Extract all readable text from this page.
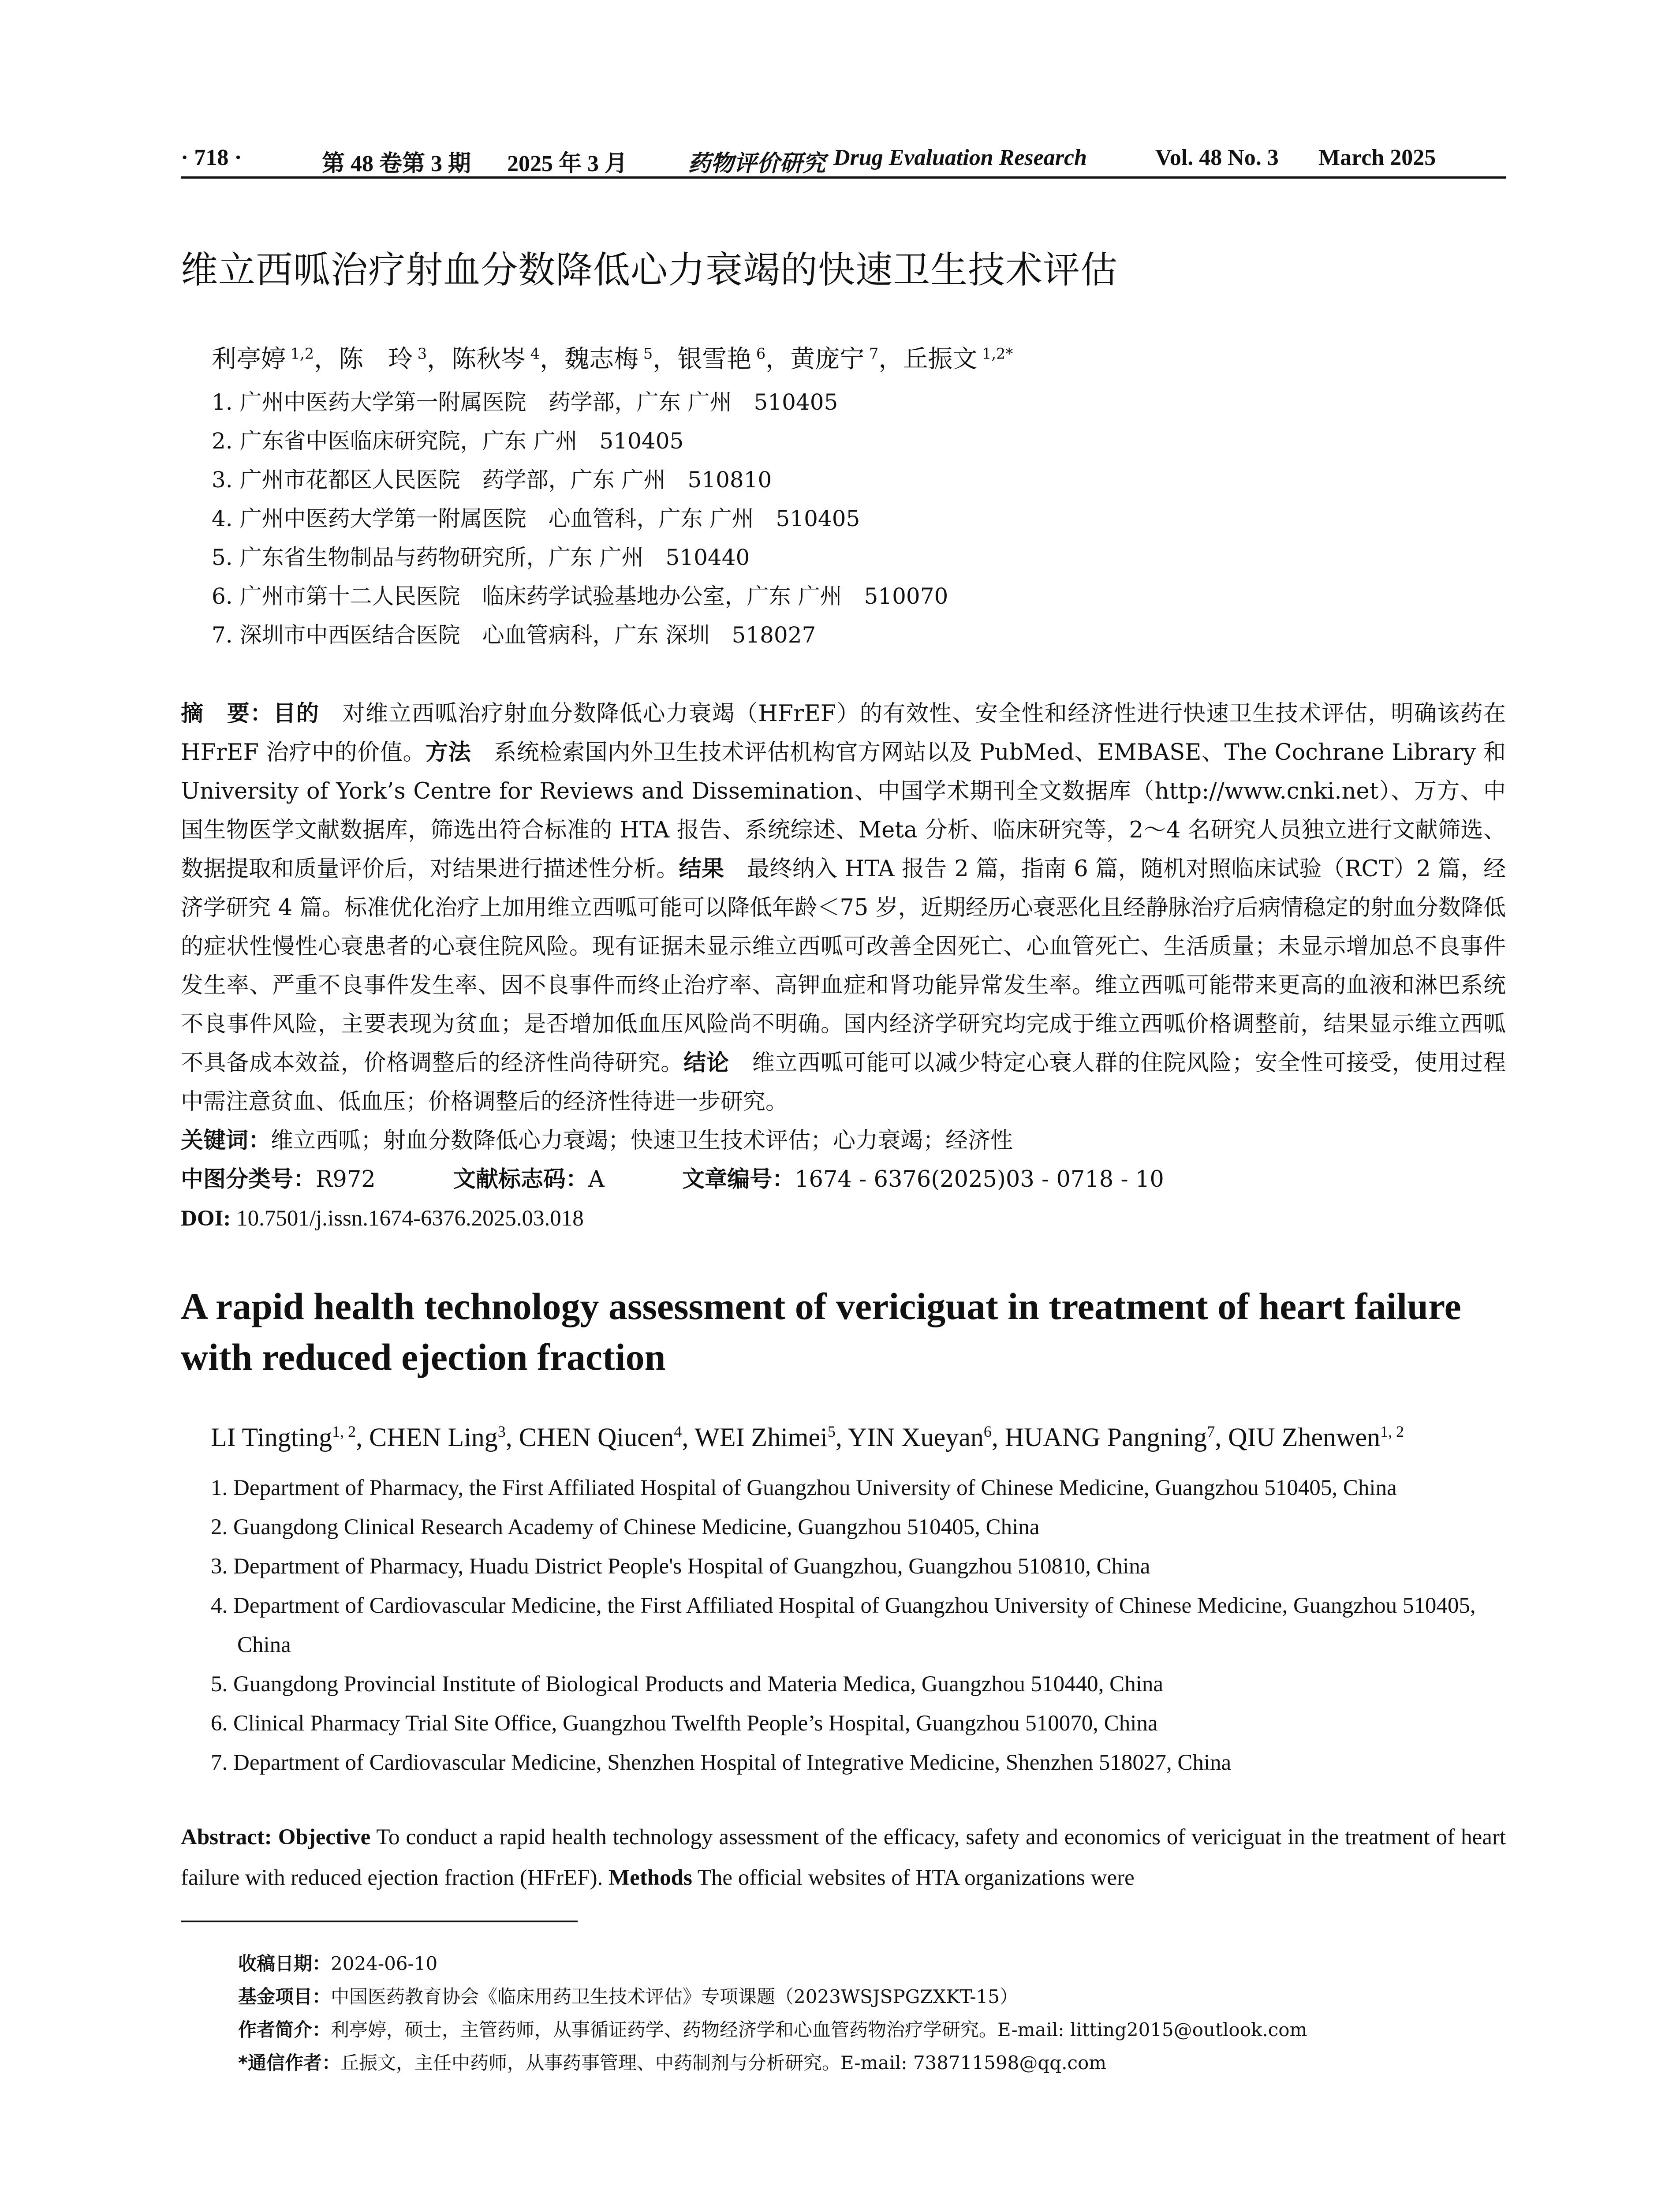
· 718 ·	第 48 卷第 3 期 2025 年 3 月	药物评价研究 Drug Evaluation Research	Vol. 48 No. 3 March 2025
维立西呱治疗射血分数降低心力衰竭的快速卫生技术评估
利亭婷 $^{1,2}$，陈　玲 $^3$，陈秋岑 $^4$，魏志梅 $^5$，银雪艳 $^6$，黄庞宁 $^7$，丘振文 $^{1,2*}$
1. 广州中医药大学第一附属医院　药学部，广东 广州　510405
2. 广东省中医临床研究院，广东 广州　510405
3. 广州市花都区人民医院　药学部，广东 广州　510810
4. 广州中医药大学第一附属医院　心血管科，广东 广州　510405
5. 广东省生物制品与药物研究所，广东 广州　510440
6. 广州市第十二人民医院　临床药学试验基地办公室，广东 广州　510070
7. 深圳市中西医结合医院　心血管病科，广东 深圳　518027
摘　要：目的　对维立西呱治疗射血分数降低心力衰竭（HFrEF）的有效性、安全性和经济性进行快速卫生技术评估，明确该药在 HFrEF 治疗中的价值。方法　系统检索国内外卫生技术评估机构官方网站以及 PubMed、EMBASE、The Cochrane Library 和 University of York’s Centre for Reviews and Dissemination、中国学术期刊全文数据库（http://www.cnki.net）、万方、中国生物医学文献数据库，筛选出符合标准的 HTA 报告、系统综述、Meta 分析、临床研究等，2～4 名研究人员独立进行文献筛选、数据提取和质量评价后，对结果进行描述性分析。结果　最终纳入 HTA 报告 2 篇，指南 6 篇，随机对照临床试验（RCT）2 篇，经济学研究 4 篇。标准优化治疗上加用维立西呱可能可以降低年龄＜75 岁，近期经历心衰恶化且经静脉治疗后病情稳定的射血分数降低的症状性慢性心衰患者的心衰住院风险。现有证据未显示维立西呱可改善全因死亡、心血管死亡、生活质量；未显示增加总不良事件发生率、严重不良事件发生率、因不良事件而终止治疗率、高钾血症和肾功能异常发生率。维立西呱可能带来更高的血液和淋巴系统不良事件风险，主要表现为贫血；是否增加低血压风险尚不明确。国内经济学研究均完成于维立西呱价格调整前，结果显示维立西呱不具备成本效益，价格调整后的经济性尚待研究。结论　维立西呱可能可以减少特定心衰人群的住院风险；安全性可接受，使用过程中需注意贫血、低血压；价格调整后的经济性待进一步研究。
关键词：维立西呱；射血分数降低心力衰竭；快速卫生技术评估；心力衰竭；经济性
中图分类号：R972	文献标志码：A	文章编号：1674 - 6376(2025)03 - 0718 - 10
DOI: 10.7501/j.issn.1674-6376.2025.03.018
A rapid health technology assessment of vericiguat in treatment of heart failure with reduced ejection fraction
LI Tingting$^{1, 2}$, CHEN Ling$^3$, CHEN Qiucen$^4$, WEI Zhimei$^5$, YIN Xueyan$^6$, HUANG Pangning$^7$, QIU Zhenwen$^{1, 2}$
1. Department of Pharmacy, the First Affiliated Hospital of Guangzhou University of Chinese Medicine, Guangzhou 510405, China
2. Guangdong Clinical Research Academy of Chinese Medicine, Guangzhou 510405, China
3. Department of Pharmacy, Huadu District People's Hospital of Guangzhou, Guangzhou 510810, China
4. Department of Cardiovascular Medicine, the First Affiliated Hospital of Guangzhou University of Chinese Medicine, Guangzhou 510405, China
5. Guangdong Provincial Institute of Biological Products and Materia Medica, Guangzhou 510440, China
6. Clinical Pharmacy Trial Site Office, Guangzhou Twelfth People’s Hospital, Guangzhou 510070, China
7. Department of Cardiovascular Medicine, Shenzhen Hospital of Integrative Medicine, Shenzhen 518027, China
Abstract: Objective To conduct a rapid health technology assessment of the efficacy, safety and economics of vericiguat in the treatment of heart failure with reduced ejection fraction (HFrEF). Methods The official websites of HTA organizations were
收稿日期：2024-06-10
基金项目：中国医药教育协会《临床用药卫生技术评估》专项课题（2023WSJSPGZXKT-15）
作者简介：利亭婷，硕士，主管药师，从事循证药学、药物经济学和心血管药物治疗学研究。E-mail: litting2015@outlook.com
*通信作者：丘振文，主任中药师，从事药事管理、中药制剂与分析研究。E-mail: 738711598@qq.com
